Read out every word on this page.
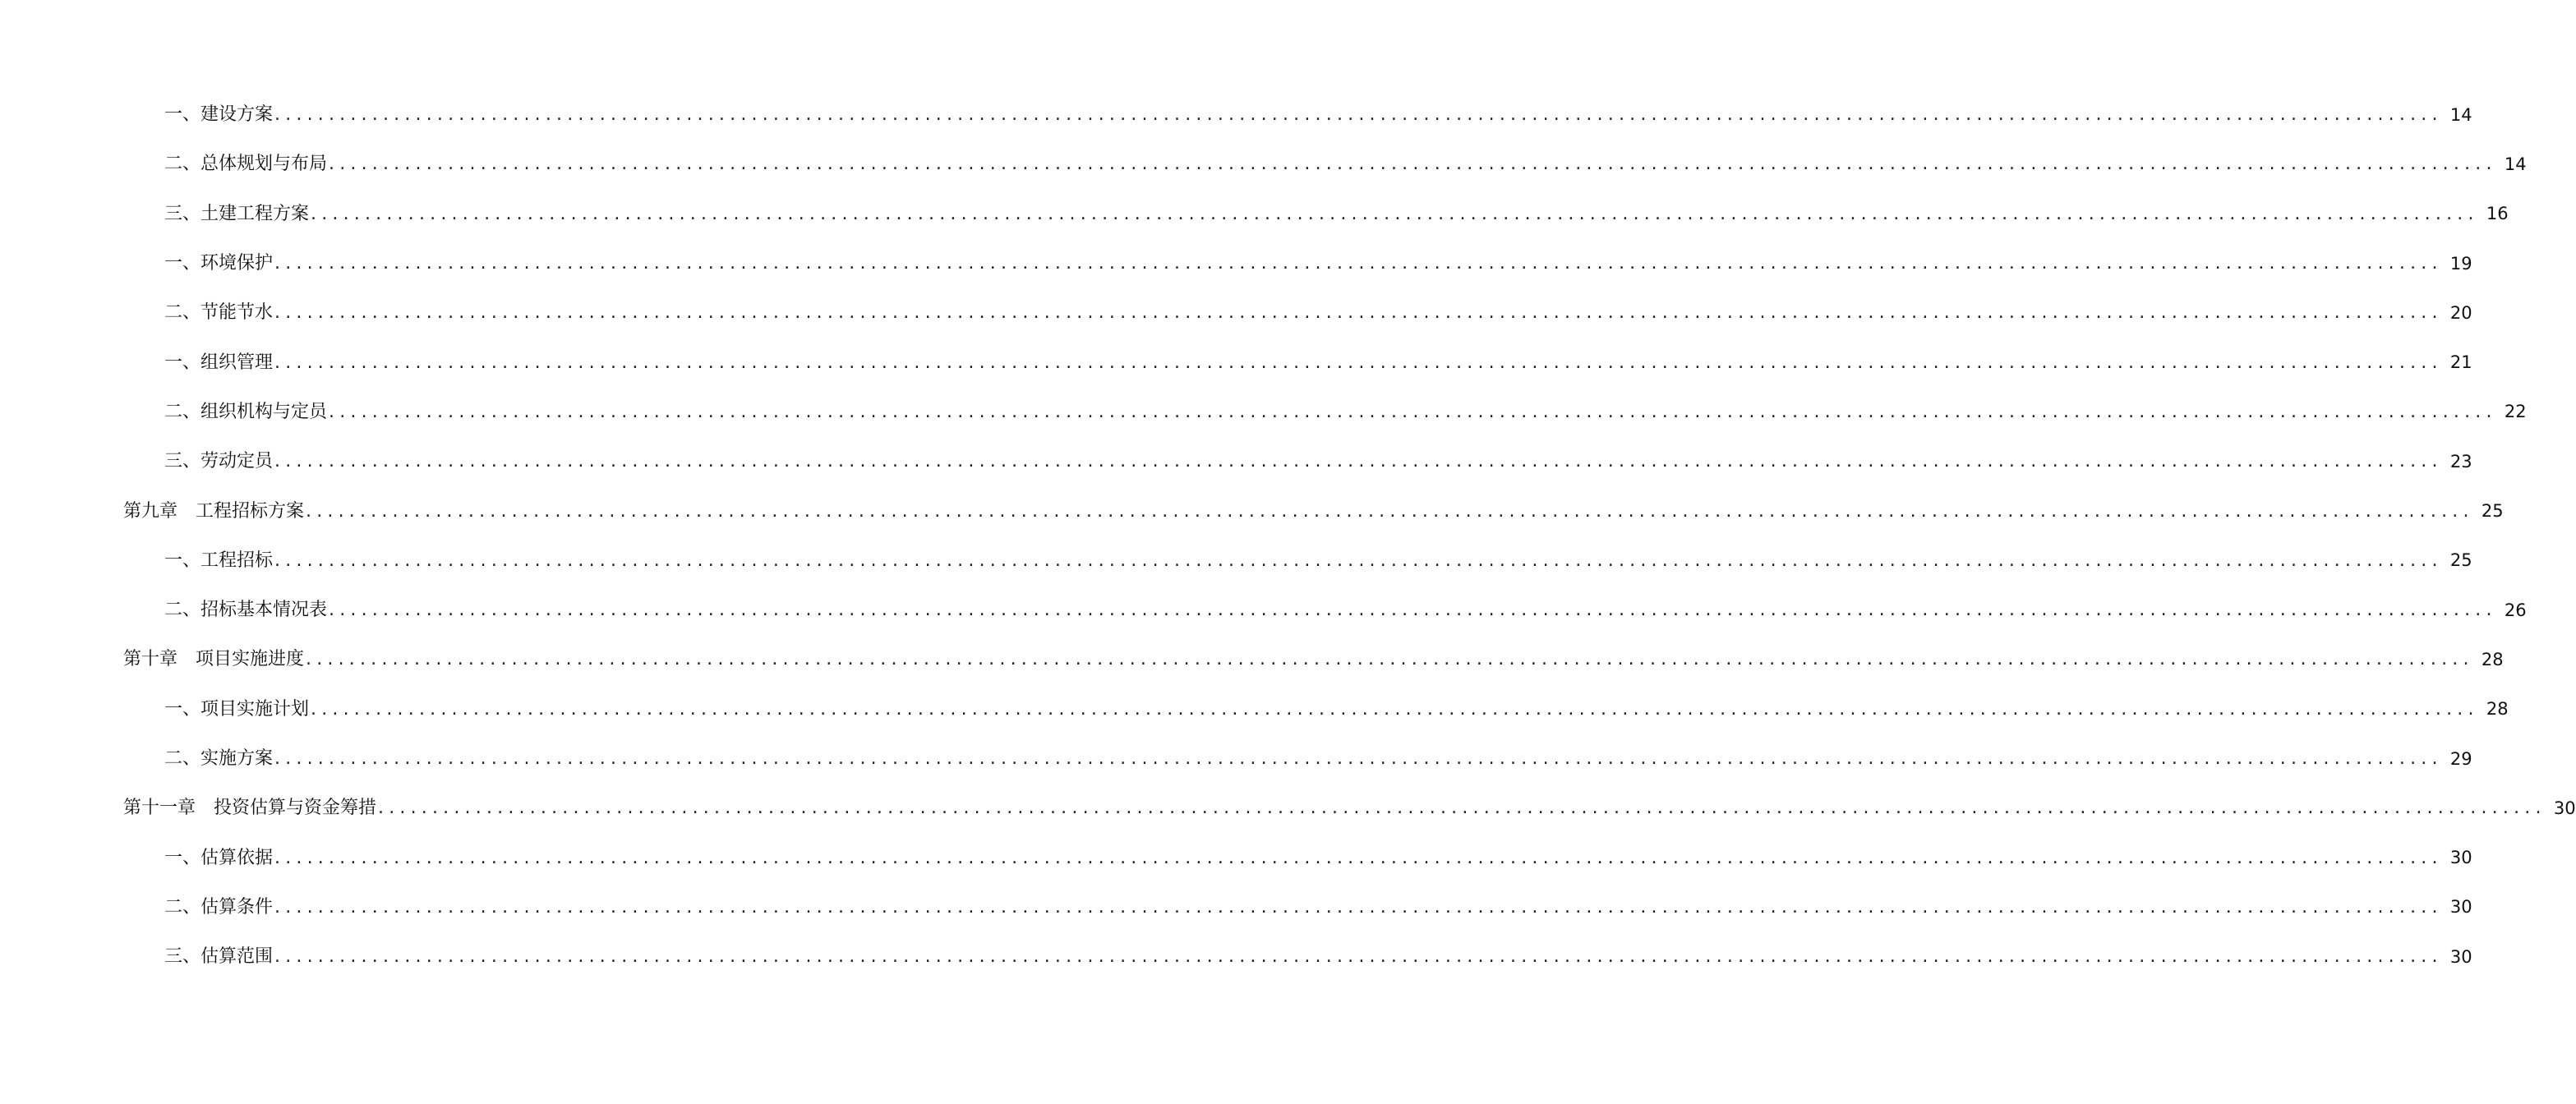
一、建设方案 ........................................................................................................................................................................................................ 14
二、总体规划与布局 ........................................................................................................................................................................................................ 14
三、土建工程方案 ........................................................................................................................................................................................................ 16
一、环境保护 ........................................................................................................................................................................................................ 19
二、节能节水 ........................................................................................................................................................................................................ 20
一、组织管理 ........................................................................................................................................................................................................ 21
二、组织机构与定员 ........................................................................................................................................................................................................ 22
三、劳动定员 ........................................................................................................................................................................................................ 23
第九章　工程招标方案 ........................................................................................................................................................................................................ 25
一、工程招标 ........................................................................................................................................................................................................ 25
二、招标基本情况表 ........................................................................................................................................................................................................ 26
第十章　项目实施进度 ........................................................................................................................................................................................................ 28
一、项目实施计划 ........................................................................................................................................................................................................ 28
二、实施方案 ........................................................................................................................................................................................................ 29
第十一章　投资估算与资金筹措 ........................................................................................................................................................................................................ 30
一、估算依据 ........................................................................................................................................................................................................ 30
二、估算条件 ........................................................................................................................................................................................................ 30
三、估算范围 ........................................................................................................................................................................................................ 30
